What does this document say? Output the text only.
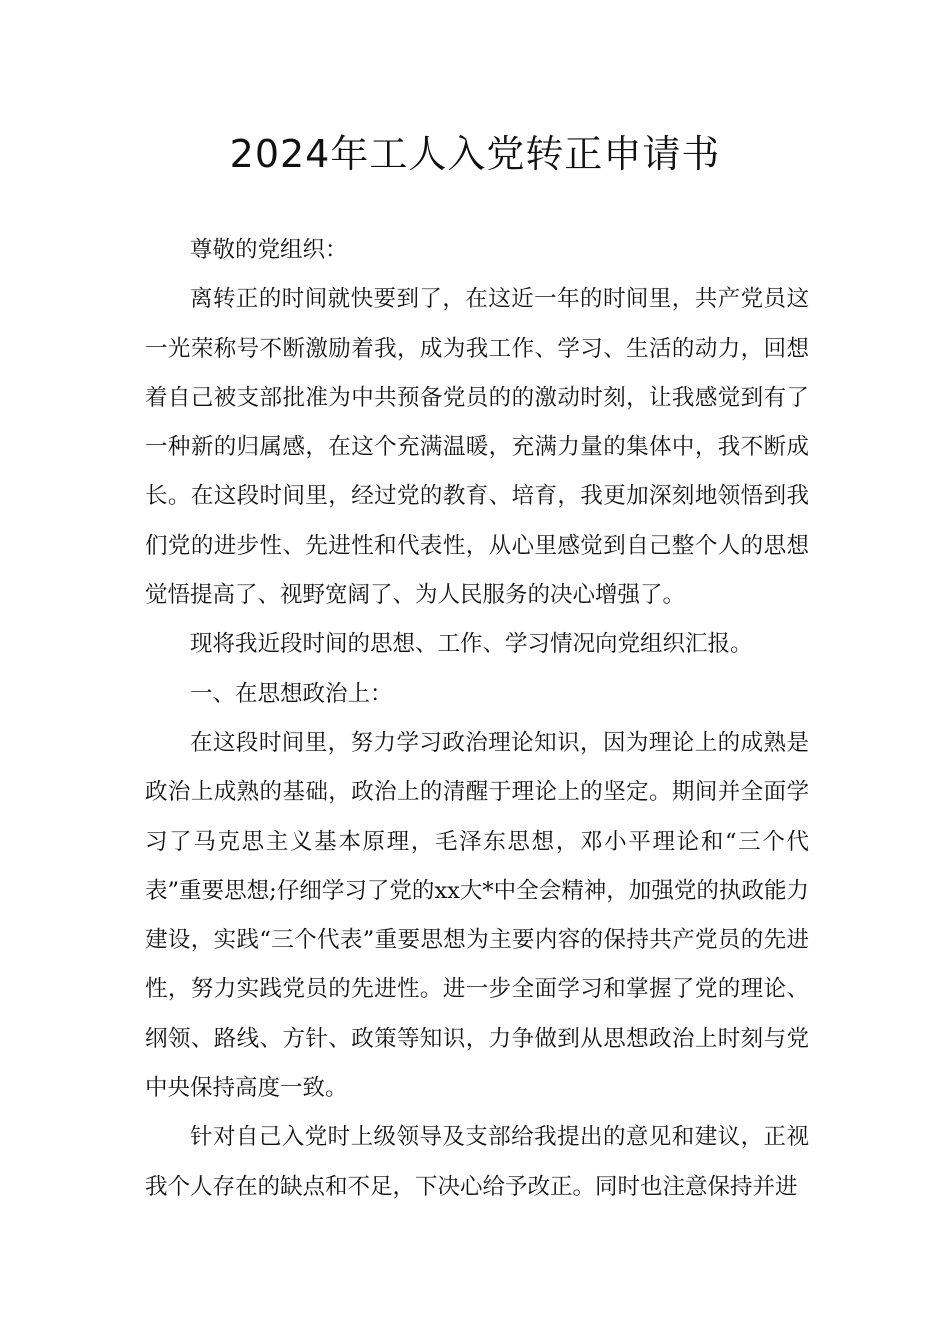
2024年工人入党转正申请书

尊敬的党组织：

离转正的时间就快要到了，在这近一年的时间里，共产党员这一光荣称号不断激励着我，成为我工作、学习、生活的动力，回想着自己被支部批准为中共预备党员的的激动时刻，让我感觉到有了一种新的归属感，在这个充满温暖，充满力量的集体中，我不断成长。在这段时间里，经过党的教育、培育，我更加深刻地领悟到我们党的进步性、先进性和代表性，从心里感觉到自己整个人的思想觉悟提高了、视野宽阔了、为人民服务的决心增强了。

现将我近段时间的思想、工作、学习情况向党组织汇报。

一、在思想政治上：

在这段时间里，努力学习政治理论知识，因为理论上的成熟是政治上成熟的基础，政治上的清醒于理论上的坚定。期间并全面学习了马克思主义基本原理，毛泽东思想，邓小平理论和“三个代表”重要思想;仔细学习了党的xx大*中全会精神，加强党的执政能力建设，实践“三个代表”重要思想为主要内容的保持共产党员的先进性，努力实践党员的先进性。进一步全面学习和掌握了党的理论、纲领、路线、方针、政策等知识，力争做到从思想政治上时刻与党中央保持高度一致。

针对自己入党时上级领导及支部给我提出的意见和建议，正视我个人存在的缺点和不足，下决心给予改正。同时也注意保持并进
